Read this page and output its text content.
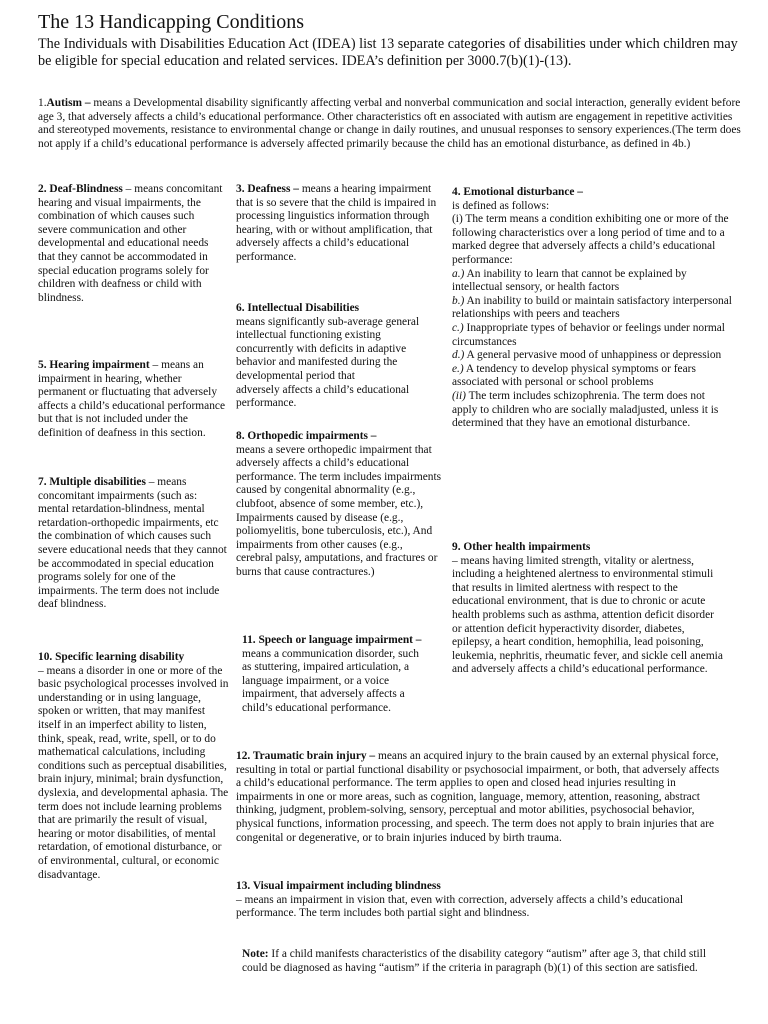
The 13 Handicapping Conditions

The Individuals with Disabilities Education Act (IDEA) list 13 separate categories of disabilities under which children may be eligible for special education and related services. IDEA’s definition per 3000.7(b)(1)-(13).

1.Autism – means a Developmental disability significantly affecting verbal and nonverbal communication and social interaction, generally evident before age 3, that adversely affects a child’s educational performance. Other characteristics oft en associated with autism are engagement in repetitive activities and stereotyped movements, resistance to environmental change or change in daily routines, and unusual responses to sensory experiences.(The term does not apply if a child’s educational performance is adversely affected primarily because the child has an emotional disturbance, as defined in 4b.)

2. Deaf-Blindness – means concomitant hearing and visual impairments, the combination of which causes such severe communication and other developmental and educational needs that they cannot be accommodated in special education programs solely for children with deafness or child with blindness.

5. Hearing impairment – means an impairment in hearing, whether permanent or fluctuating that adversely affects a child’s educational performance but that is not included under the definition of deafness in this section.

7. Multiple disabilities – means concomitant impairments (such as: mental retardation-blindness, mental retardation-orthopedic impairments, etc the combination of which causes such severe educational needs that they cannot be accommodated in special education programs solely for one of the impairments. The term does not include deaf blindness.

10. Specific learning disability

– means a disorder in one or more of the basic psychological processes involved in understanding or in using language, spoken or written, that may manifest itself in an imperfect ability to listen, think, speak, read, write, spell, or to do mathematical calculations, including conditions such as perceptual disabilities, brain injury, minimal; brain dysfunction, dyslexia, and developmental aphasia. The term does not include learning problems that are primarily the result of visual, hearing or motor disabilities, of mental retardation, of emotional disturbance, or of environmental, cultural, or economic disadvantage.

3. Deafness – means a hearing impairment that is so severe that the child is impaired in processing linguistics information through hearing, with or without amplification, that adversely affects a child’s educational performance.

6. Intellectual Disabilities

means significantly sub-average general intellectual functioning existing concurrently with deficits in adaptive behavior and manifested during the developmental period that

adversely affects a child’s educational performance.

8. Orthopedic impairments –

means a severe orthopedic impairment that adversely affects a child’s educational performance. The term includes impairments caused by congenital abnormality (e.g., clubfoot, absence of some member, etc.), Impairments caused by disease (e.g., poliomyelitis, bone tuberculosis, etc.), And impairments from other causes (e.g., cerebral palsy, amputations, and fractures or burns that cause contractures.)

11. Speech or language impairment – means a communication disorder, such as stuttering, impaired articulation, a language impairment, or a voice impairment, that adversely affects a child’s educational performance.

4. Emotional disturbance –

is defined as follows:

(i) The term means a condition exhibiting one or more of the following characteristics over a long period of time and to a marked degree that adversely affects a child’s educational performance:

a.) An inability to learn that cannot be explained by intellectual sensory, or health factors

b.) An inability to build or maintain satisfactory interpersonal relationships with peers and teachers

c.) Inappropriate types of behavior or feelings under normal circumstances

d.) A general pervasive mood of unhappiness or depression

e.) A tendency to develop physical symptoms or fears associated with personal or school problems

(ii) The term includes schizophrenia. The term does not apply to children who are socially maladjusted, unless it is determined that they have an emotional disturbance.

9. Other health impairments

– means having limited strength, vitality or alertness, including a heightened alertness to environmental stimuli that results in limited alertness with respect to the educational environment, that is due to chronic or acute health problems such as asthma, attention deficit disorder or attention deficit hyperactivity disorder, diabetes, epilepsy, a heart condition, hemophilia, lead poisoning, leukemia, nephritis, rheumatic fever, and sickle cell anemia and adversely affects a child’s educational performance.

12. Traumatic brain injury – means an acquired injury to the brain caused by an external physical force, resulting in total or partial functional disability or psychosocial impairment, or both, that adversely affects a child’s educational performance. The term applies to open and closed head injuries resulting in impairments in one or more areas, such as cognition, language, memory, attention, reasoning, abstract thinking, judgment, problem-solving, sensory, perceptual and motor abilities, psychosocial behavior, physical functions, information processing, and speech. The term does not apply to brain injuries that are congenital or degenerative, or to brain injuries induced by birth trauma.

13. Visual impairment including blindness

– means an impairment in vision that, even with correction, adversely affects a child’s educational performance. The term includes both partial sight and blindness.

Note: If a child manifests characteristics of the disability category “autism” after age 3, that child still could be diagnosed as having “autism” if the criteria in paragraph (b)(1) of this section are satisfied.
